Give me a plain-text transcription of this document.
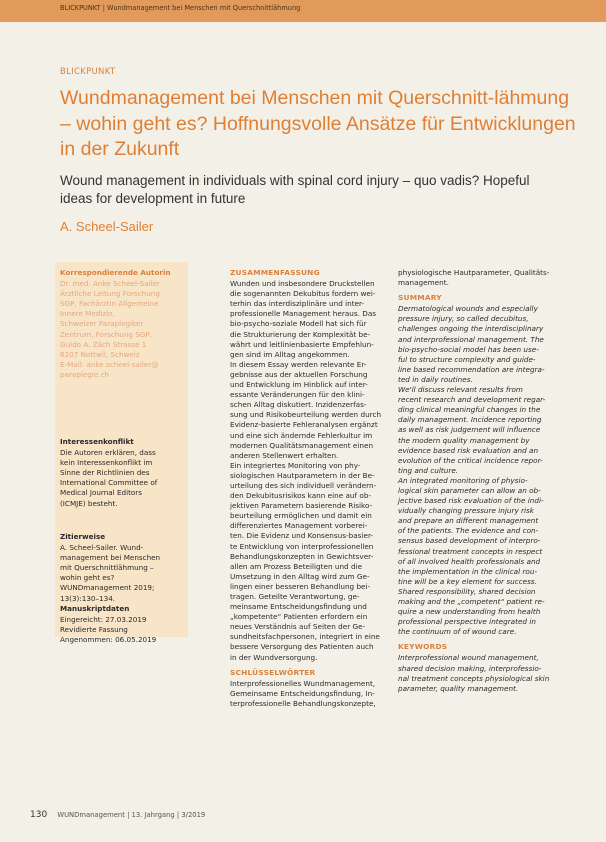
BLICKPUNKT | Wundmanagement bei Menschen mit Querschnittlähmung
BLICKPUNKT
Wundmanagement bei Menschen mit Querschnitt-lähmung – wohin geht es? Hoffnungsvolle Ansätze für Entwicklungen in der Zukunft
Wound management in individuals with spinal cord injury – quo vadis? Hopeful ideas for development in future
A. Scheel-Sailer
Korrespondierende Autorin
Dr. med. Anke Scheel-Sailer
Ärztliche Leitung Forschung
SGP, Fachärztin Allgemeine
Innere Medizin,
Schweizer Paraplegiker
Zentrum, Forschung SGP,
Guido A. Zäch Strasse 1
6207 Nottwil, Schweiz
E-Mail: anke.scheel-sailer@
paraplegie.ch
Interessenkonflikt
Die Autoren erklären, dass
kein Interessenkonflikt im
Sinne der Richtlinien des
International Committee of
Medical Journal Editors
(ICMJE) besteht.
Zitierweise
A. Scheel-Sailer. Wund-
management bei Menschen
mit Querschnittlähmung –
wohin geht es?
WUNDmanagement 2019;
13(3):130–134.
Manuskriptdaten
Eingereicht: 27.03.2019
Revidierte Fassung
Angenommen: 06.05.2019
ZUSAMMENFASSUNG
Wunden und insbesondere Druckstellen
die sogenannten Dekubitus fordern wei-
terhin das interdisziplinäre und inter-
professionelle Management heraus. Das
bio-psycho-soziale Modell hat sich für
die Strukturierung der Komplexität be-
währt und leitlinienbasierte Empfehlun-
gen sind im Alltag angekommen.
In diesem Essay werden relevante Er-
gebnisse aus der aktuellen Forschung
und Entwicklung im Hinblick auf inter-
essante Veränderungen für den klini-
schen Alltag diskutiert. Inzidenzerfas-
sung und Risikobeurteilung werden durch
Evidenz-basierte Fehleranalysen ergänzt
und eine sich ändernde Fehlerkultur im
modernen Qualitätsmanagement einen
anderen Stellenwert erhalten.
Ein integriertes Monitoring von phy-
siologischen Hautparametern in der Be-
urteilung des sich individuell verändern-
den Dekubitusrisikos kann eine auf ob-
jektiven Parametern basierende Risiko-
beurteilung ermöglichen und damit ein
differenziertes Management vorberei-
ten. Die Evidenz und Konsensus-basier-
te Entwicklung von interprofessionellen
Behandlungskonzepten in Gewichtsver-
allen am Prozess Beteiligten und die
Umsetzung in den Alltag wird zum Ge-
lingen einer besseren Behandlung bei-
tragen. Geteilte Verantwortung, ge-
meinsame Entscheidungsfindung und
„kompetente“ Patienten erfordern ein
neues Verständnis auf Seiten der Ge-
sundheitsfachpersonen, integriert in eine
bessere Versorgung des Patienten auch
in der Wundversorgung.
SCHLÜSSELWÖRTER
Interprofessionelles Wundmanagement,
Gemeinsame Entscheidungsfindung, In-
terprofessionelle Behandlungskonzepte,
physiologische Hautparameter, Qualitäts-
management.
SUMMARY
Dermatological wounds and especially
pressure injury, so called decubitus,
challenges ongoing the interdisciplinary
and interprofessional management. The
bio-psycho-social model has been use-
ful to structure complexity and guide-
line based recommendation are integra-
ted in daily routines.
We'll discuss relevant results from
recent research and development regar-
ding clinical meaningful changes in the
daily management. Incidence reporting
as well as risk judgement will influence
the modern quality management by
evidence based risk evaluation and an
evolution of the critical incidence repor-
ting and culture.
An integrated monitoring of physio-
logical skin parameter can allow an ob-
jective based risk evaluation of the indi-
vidually changing pressure injury risk
and prepare an different management
of the patients. The evidence and con-
sensus based development of interpro-
fessional treatment concepts in respect
of all involved health professionals and
the implementation in the clinical rou-
tine will be a key element for success.
Shared responsibility, shared decision
making and the „competent“ patient re-
quire a new understanding from health
professional perspective integrated in
the continuum of of wound care.
KEYWORDS
Interprofessional wound management,
shared decision making, interprofessio-
nal treatment concepts physiological skin
parameter, quality management.
130 WUNDmanagement | 13. Jahrgang | 3/2019
